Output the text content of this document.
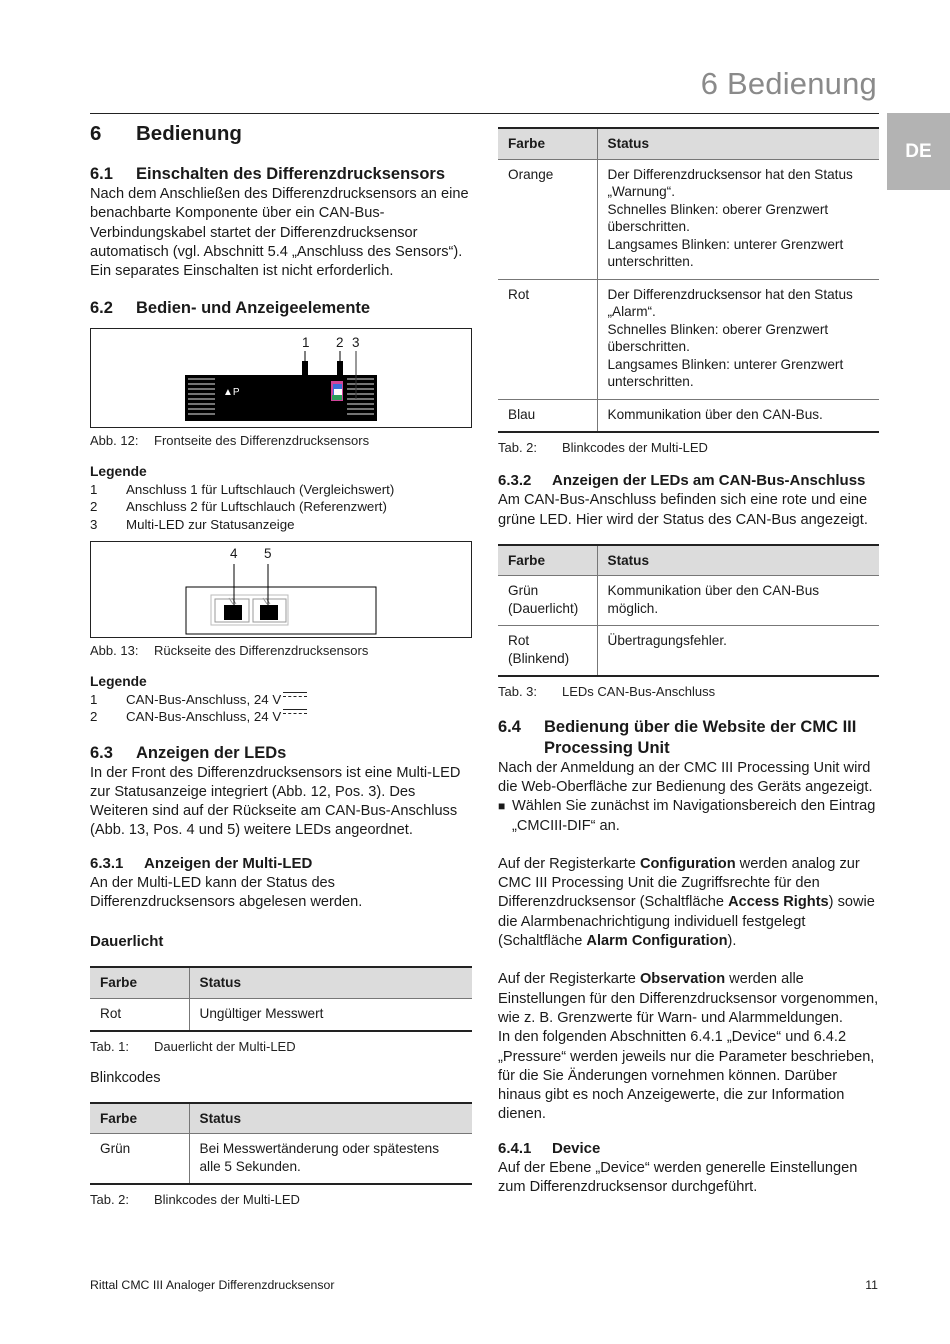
6 Bedienung
DE
6 Bedienung
6.1 Einschalten des Differenzdrucksensors

Nach dem Anschließen des Differenzdrucksensors an eine benachbarte Komponente über ein CAN-Bus-Verbindungskabel startet der Differenzdrucksensor automatisch (vgl. Abschnitt 5.4 „Anschluss des Sensors“). Ein separates Einschalten ist nicht erforderlich.

6.2 Bedien- und Anzeigeelemente
1 2 3
▲P
Abb. 12: Frontseite des Differenzdrucksensors
Legende
1	Anschluss 1 für Luftschlauch (Vergleichswert)
2	Anschluss 2 für Luftschlauch (Referenzwert)
3	Multi-LED zur Statusanzeige
4 5
Abb. 13: Rückseite des Differenzdrucksensors
Legende
1	CAN-Bus-Anschluss, 24 V
2	CAN-Bus-Anschluss, 24 V
6.3 Anzeigen der LEDs

In der Front des Differenzdrucksensors ist eine Multi-LED zur Statusanzeige integriert (Abb. 12, Pos. 3). Des Weiteren sind auf der Rückseite am CAN-Bus-Anschluss (Abb. 13, Pos. 4 und 5) weitere LEDs angeordnet.

6.3.1 Anzeigen der Multi-LED

An der Multi-LED kann der Status des Differenzdrucksensors abgelesen werden.

Dauerlicht
Farbe	Status
Rot	Ungültiger Messwert
Tab. 1: Dauerlicht der Multi-LED

Blinkcodes

Farbe	Status
Grün	Bei Messwertänderung oder spätestens alle 5 Sekunden.
Tab. 2: Blinkcodes der Multi-LED
Farbe	Status
Orange	Der Differenzdrucksensor hat den Status „Warnung“.
Schnelles Blinken: oberer Grenzwert überschritten.
Langsames Blinken: unterer Grenzwert unterschritten.

Rot	Der Differenzdrucksensor hat den Status „Alarm“.
Schnelles Blinken: oberer Grenzwert überschritten.
Langsames Blinken: unterer Grenzwert unterschritten.

Blau	Kommunikation über den CAN-Bus.
Tab. 2: Blinkcodes der Multi-LED
6.3.2	Anzeigen der LEDs am CAN-Bus-Anschluss

Am CAN-Bus-Anschluss befinden sich eine rote und eine grüne LED. Hier wird der Status des CAN-Bus angezeigt.

Farbe	Status
Grün (Dauerlicht)	Kommunikation über den CAN-Bus möglich.
Rot (Blinkend)	Übertragungsfehler.
Tab. 3: LEDs CAN-Bus-Anschluss
6.4	Bedienung über die Website der CMC III Processing Unit

Nach der Anmeldung an der CMC III Processing Unit wird die Web-Oberfläche zur Bedienung des Geräts angezeigt.

■ Wählen Sie zunächst im Navigationsbereich den Eintrag „CMCIII-DIF“ an.

Auf der Registerkarte Configuration werden analog zur CMC III Processing Unit die Zugriffsrechte für den Differenzdrucksensor (Schaltfläche Access Rights) sowie die Alarmbenachrichtigung individuell festgelegt (Schaltfläche Alarm Configuration).

Auf der Registerkarte Observation werden alle Einstellungen für den Differenzdrucksensor vorgenommen, wie z. B. Grenzwerte für Warn- und Alarmmeldungen.

In den folgenden Abschnitten 6.4.1 „Device“ und 6.4.2 „Pressure“ werden jeweils nur die Parameter beschrieben, für die Sie Änderungen vornehmen können. Darüber hinaus gibt es noch Anzeigewerte, die zur Information dienen.

6.4.1 Device

Auf der Ebene „Device“ werden generelle Einstellungen zum Differenzdrucksensor durchgeführt.

Rittal CMC III Analoger Differenzdrucksensor	11
